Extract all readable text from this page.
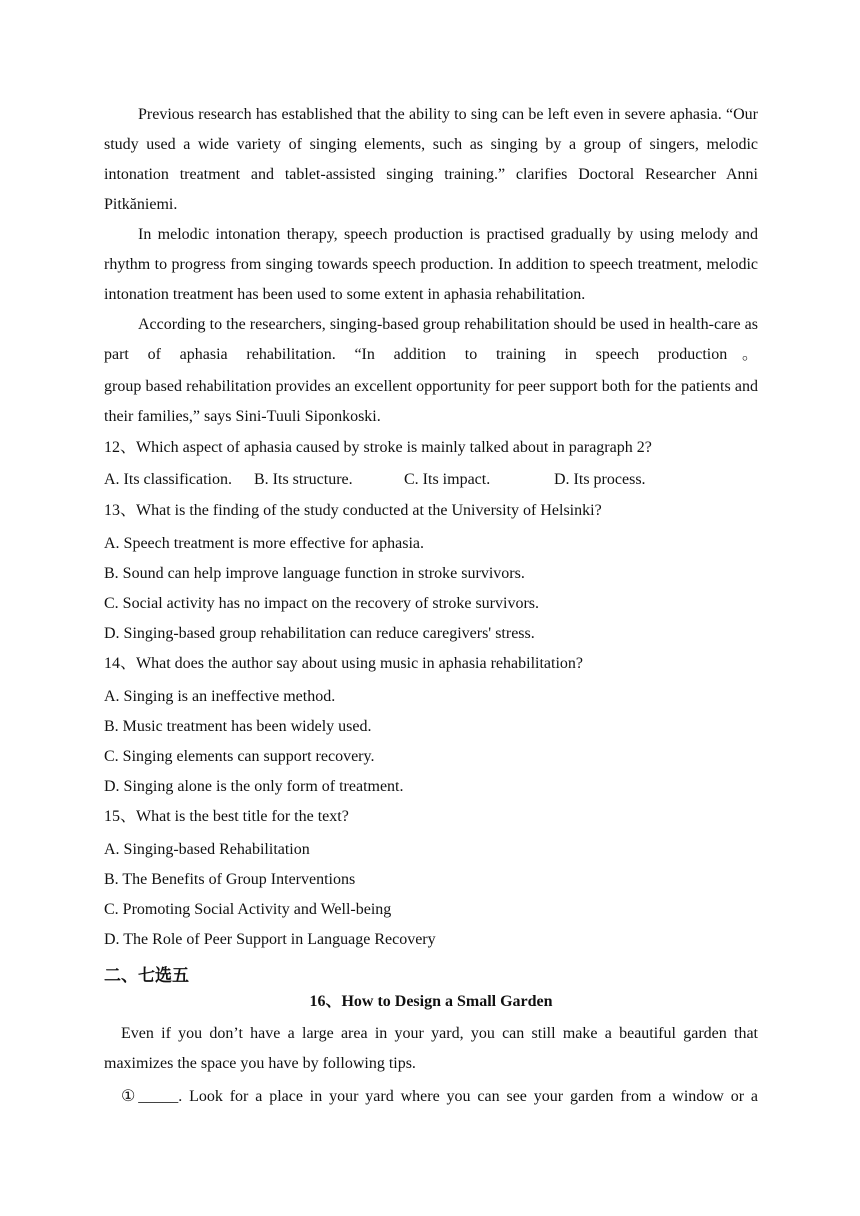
Previous research has established that the ability to sing can be left even in severe aphasia. “Our study used a wide variety of singing elements, such as singing by a group of singers, melodic intonation treatment and tablet-assisted singing training.” clarifies Doctoral Researcher Anni Pitkăniemi.

In melodic intonation therapy, speech production is practised gradually by using melody and rhythm to progress from singing towards speech production. In addition to speech treatment, melodic intonation treatment has been used to some extent in aphasia rehabilitation.

According to the researchers, singing-based group rehabilitation should be used in health-care as part of aphasia rehabilitation. “In addition to training in speech production。

group based rehabilitation provides an excellent opportunity for peer support both for the patients and their families,” says Sini-Tuuli Siponkoski.

12、Which aspect of aphasia caused by stroke is mainly talked about in paragraph 2?

A. Its classification.	B. Its structure.	C. Its impact.	D. Its process.

13、What is the finding of the study conducted at the University of Helsinki?

A. Speech treatment is more effective for aphasia.

B. Sound can help improve language function in stroke survivors.

C. Social activity has no impact on the recovery of stroke survivors.

D. Singing-based group rehabilitation can reduce caregivers' stress.

14、What does the author say about using music in aphasia rehabilitation?

A. Singing is an ineffective method.

B. Music treatment has been widely used.

C. Singing elements can support recovery.

D. Singing alone is the only form of treatment.

15、What is the best title for the text?

A. Singing-based Rehabilitation

B. The Benefits of Group Interventions

C. Promoting Social Activity and Well-being

D. The Role of Peer Support in Language Recovery

二、七选五

16、How to Design a Small Garden

Even if you don’t have a large area in your yard, you can still make a beautiful garden that maximizes the space you have by following tips.

①_____. Look for a place in your yard where you can see your garden from a window or a
